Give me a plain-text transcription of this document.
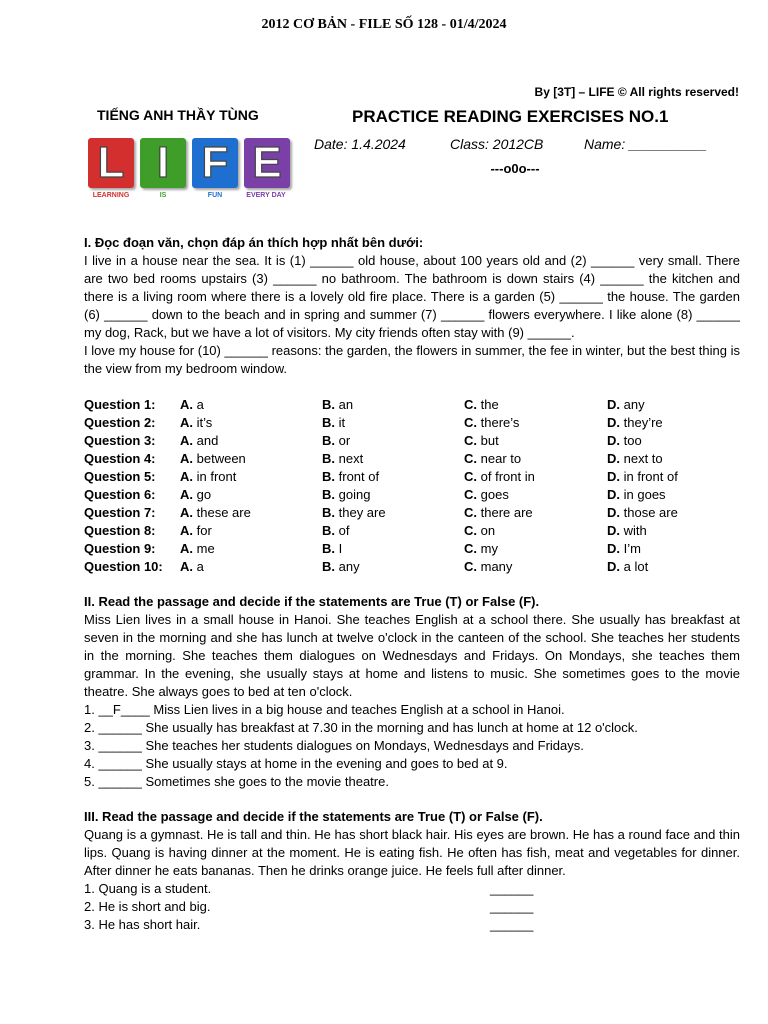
2012 CƠ BẢN - FILE SỐ 128 - 01/4/2024
By [3T] – LIFE © All rights reserved!
TIẾNG ANH THẦY TÙNG
L I F E
LEARNING	IS	FUN	EVERY DAY
PRACTICE READING EXERCISES NO.1
Date: 1.4.2024	Class: 2012CB	Name: __________
---o0o---

I. Đọc đoạn văn, chọn đáp án thích hợp nhất bên dưới:

I live in a house near the sea. It is (1) ______ old house, about 100 years old and (2) ______ very small. There are two bed rooms upstairs (3) ______ no bathroom. The bathroom is down stairs (4) ______ the kitchen and there is a living room where there is a lovely old fire place. There is a garden (5) ______ the house. The garden (6) ______ down to the beach and in spring and summer (7) ______ flowers everywhere. I like alone (8) ______ my dog, Rack, but we have a lot of visitors. My city friends often stay with (9) ______.

I love my house for (10) ______ reasons: the garden, the flowers in summer, the fee in winter, but the best thing is the view from my bedroom window.

Question 1: A. a	B. an	C. the	D. any
Question 2: A. it’s	B. it	C. there’s	D. they’re
Question 3: A. and	B. or	C. but	D. too
Question 4: A. between	B. next	C. near to	D. next to
Question 5: A. in front	B. front of	C. of front in	D. in front of
Question 6: A. go	B. going	C. goes	D. in goes
Question 7: A. these are	B. they are	C. there are	D. those are
Question 8: A. for	B. of	C. on	D. with
Question 9: A. me	B. I	C. my	D. I’m
Question 10: A. a	B. any	C. many	D. a lot

II. Read the passage and decide if the statements are True (T) or False (F).

Miss Lien lives in a small house in Hanoi. She teaches English at a school there. She usually has breakfast at seven in the morning and she has lunch at twelve o'clock in the canteen of the school. She teaches her students in the morning. She teaches them dialogues on Wednesdays and Fridays. On Mondays, she teaches them grammar. In the evening, she usually stays at home and listens to music. She sometimes goes to the movie theatre. She always goes to bed at ten o'clock.

1. __F____ Miss Lien lives in a big house and teaches English at a school in Hanoi.
2. ______ She usually has breakfast at 7.30 in the morning and has lunch at home at 12 o'clock.
3. ______ She teaches her students dialogues on Mondays, Wednesdays and Fridays.
4. ______ She usually stays at home in the evening and goes to bed at 9.
5. ______ Sometimes she goes to the movie theatre.

III. Read the passage and decide if the statements are True (T) or False (F).

Quang is a gymnast. He is tall and thin. He has short black hair. His eyes are brown. He has a round face and thin lips. Quang is having dinner at the moment. He is eating fish. He often has fish, meat and vegetables for dinner. After dinner he eats bananas. Then he drinks orange juice. He feels full after dinner.

1. Quang is a student.	______
2. He is short and big.	______
3. He has short hair.	______
